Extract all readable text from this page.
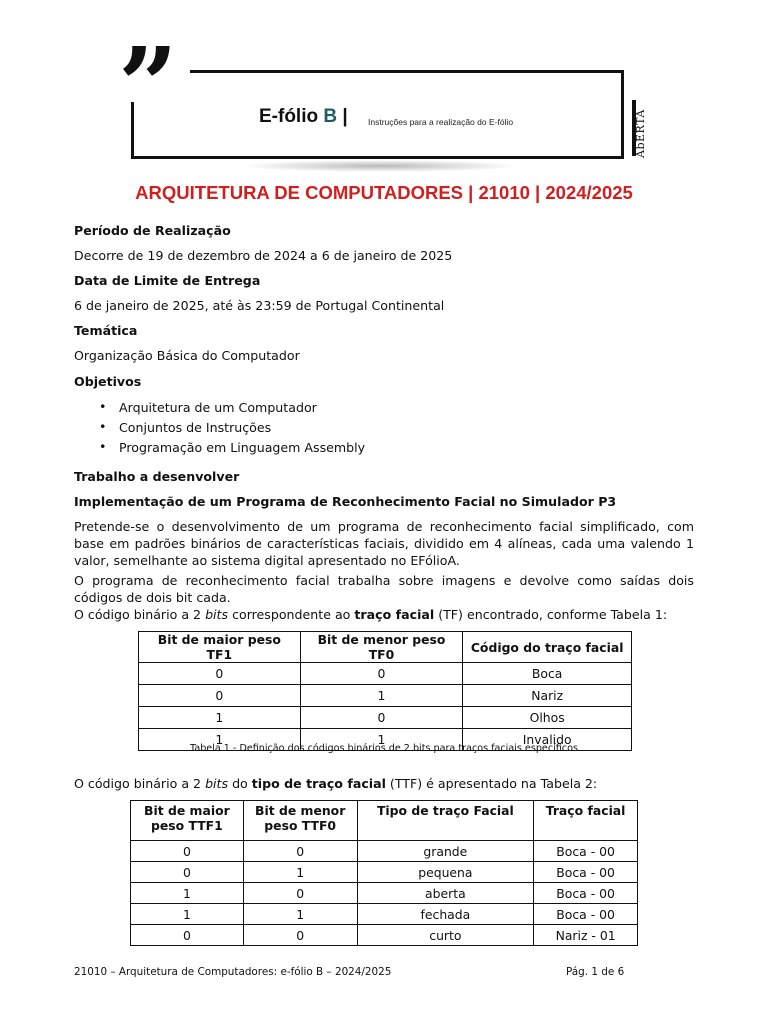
”	E-fólio B | Instruções para a realização do E-fólio	AbERTA
ARQUITETURA DE COMPUTADORES | 21010 | 2024/2025
Período de Realização
Decorre de 19 de dezembro de 2024 a 6 de janeiro de 2025
Data de Limite de Entrega
6 de janeiro de 2025, até às 23:59 de Portugal Continental
Temática
Organização Básica do Computador
Objetivos
• Arquitetura de um Computador
• Conjuntos de Instruções
• Programação em Linguagem Assembly
Trabalho a desenvolver
Implementação de um Programa de Reconhecimento Facial no Simulador P3
Pretende-se o desenvolvimento de um programa de reconhecimento facial simplificado, com base em padrões binários de características faciais, dividido em 4 alíneas, cada uma valendo 1 valor, semelhante ao sistema digital apresentado no EFólioA.
O programa de reconhecimento facial trabalha sobre imagens e devolve como saídas dois códigos de dois bit cada.
O código binário a 2 bits correspondente ao traço facial (TF) encontrado, conforme Tabela 1:
Bit de maior peso TF1	Bit de menor peso TF0	Código do traço facial
0	0	Boca
0	1	Nariz
1	0	Olhos
1	1	Invalido
Tabela 1 - Definição dos códigos binários de 2 bits para traços faciais específicos
O código binário a 2 bits do tipo de traço facial (TTF) é apresentado na Tabela 2:
Bit de maior peso TTF1	Bit de menor peso TTF0	Tipo de traço Facial	Traço facial
0	0	grande	Boca - 00
0	1	pequena	Boca - 00
1	0	aberta	Boca - 00
1	1	fechada	Boca - 00
0	0	curto	Nariz - 01
21010 – Arquitetura de Computadores: e-fólio B – 2024/2025	Pág. 1 de 6
